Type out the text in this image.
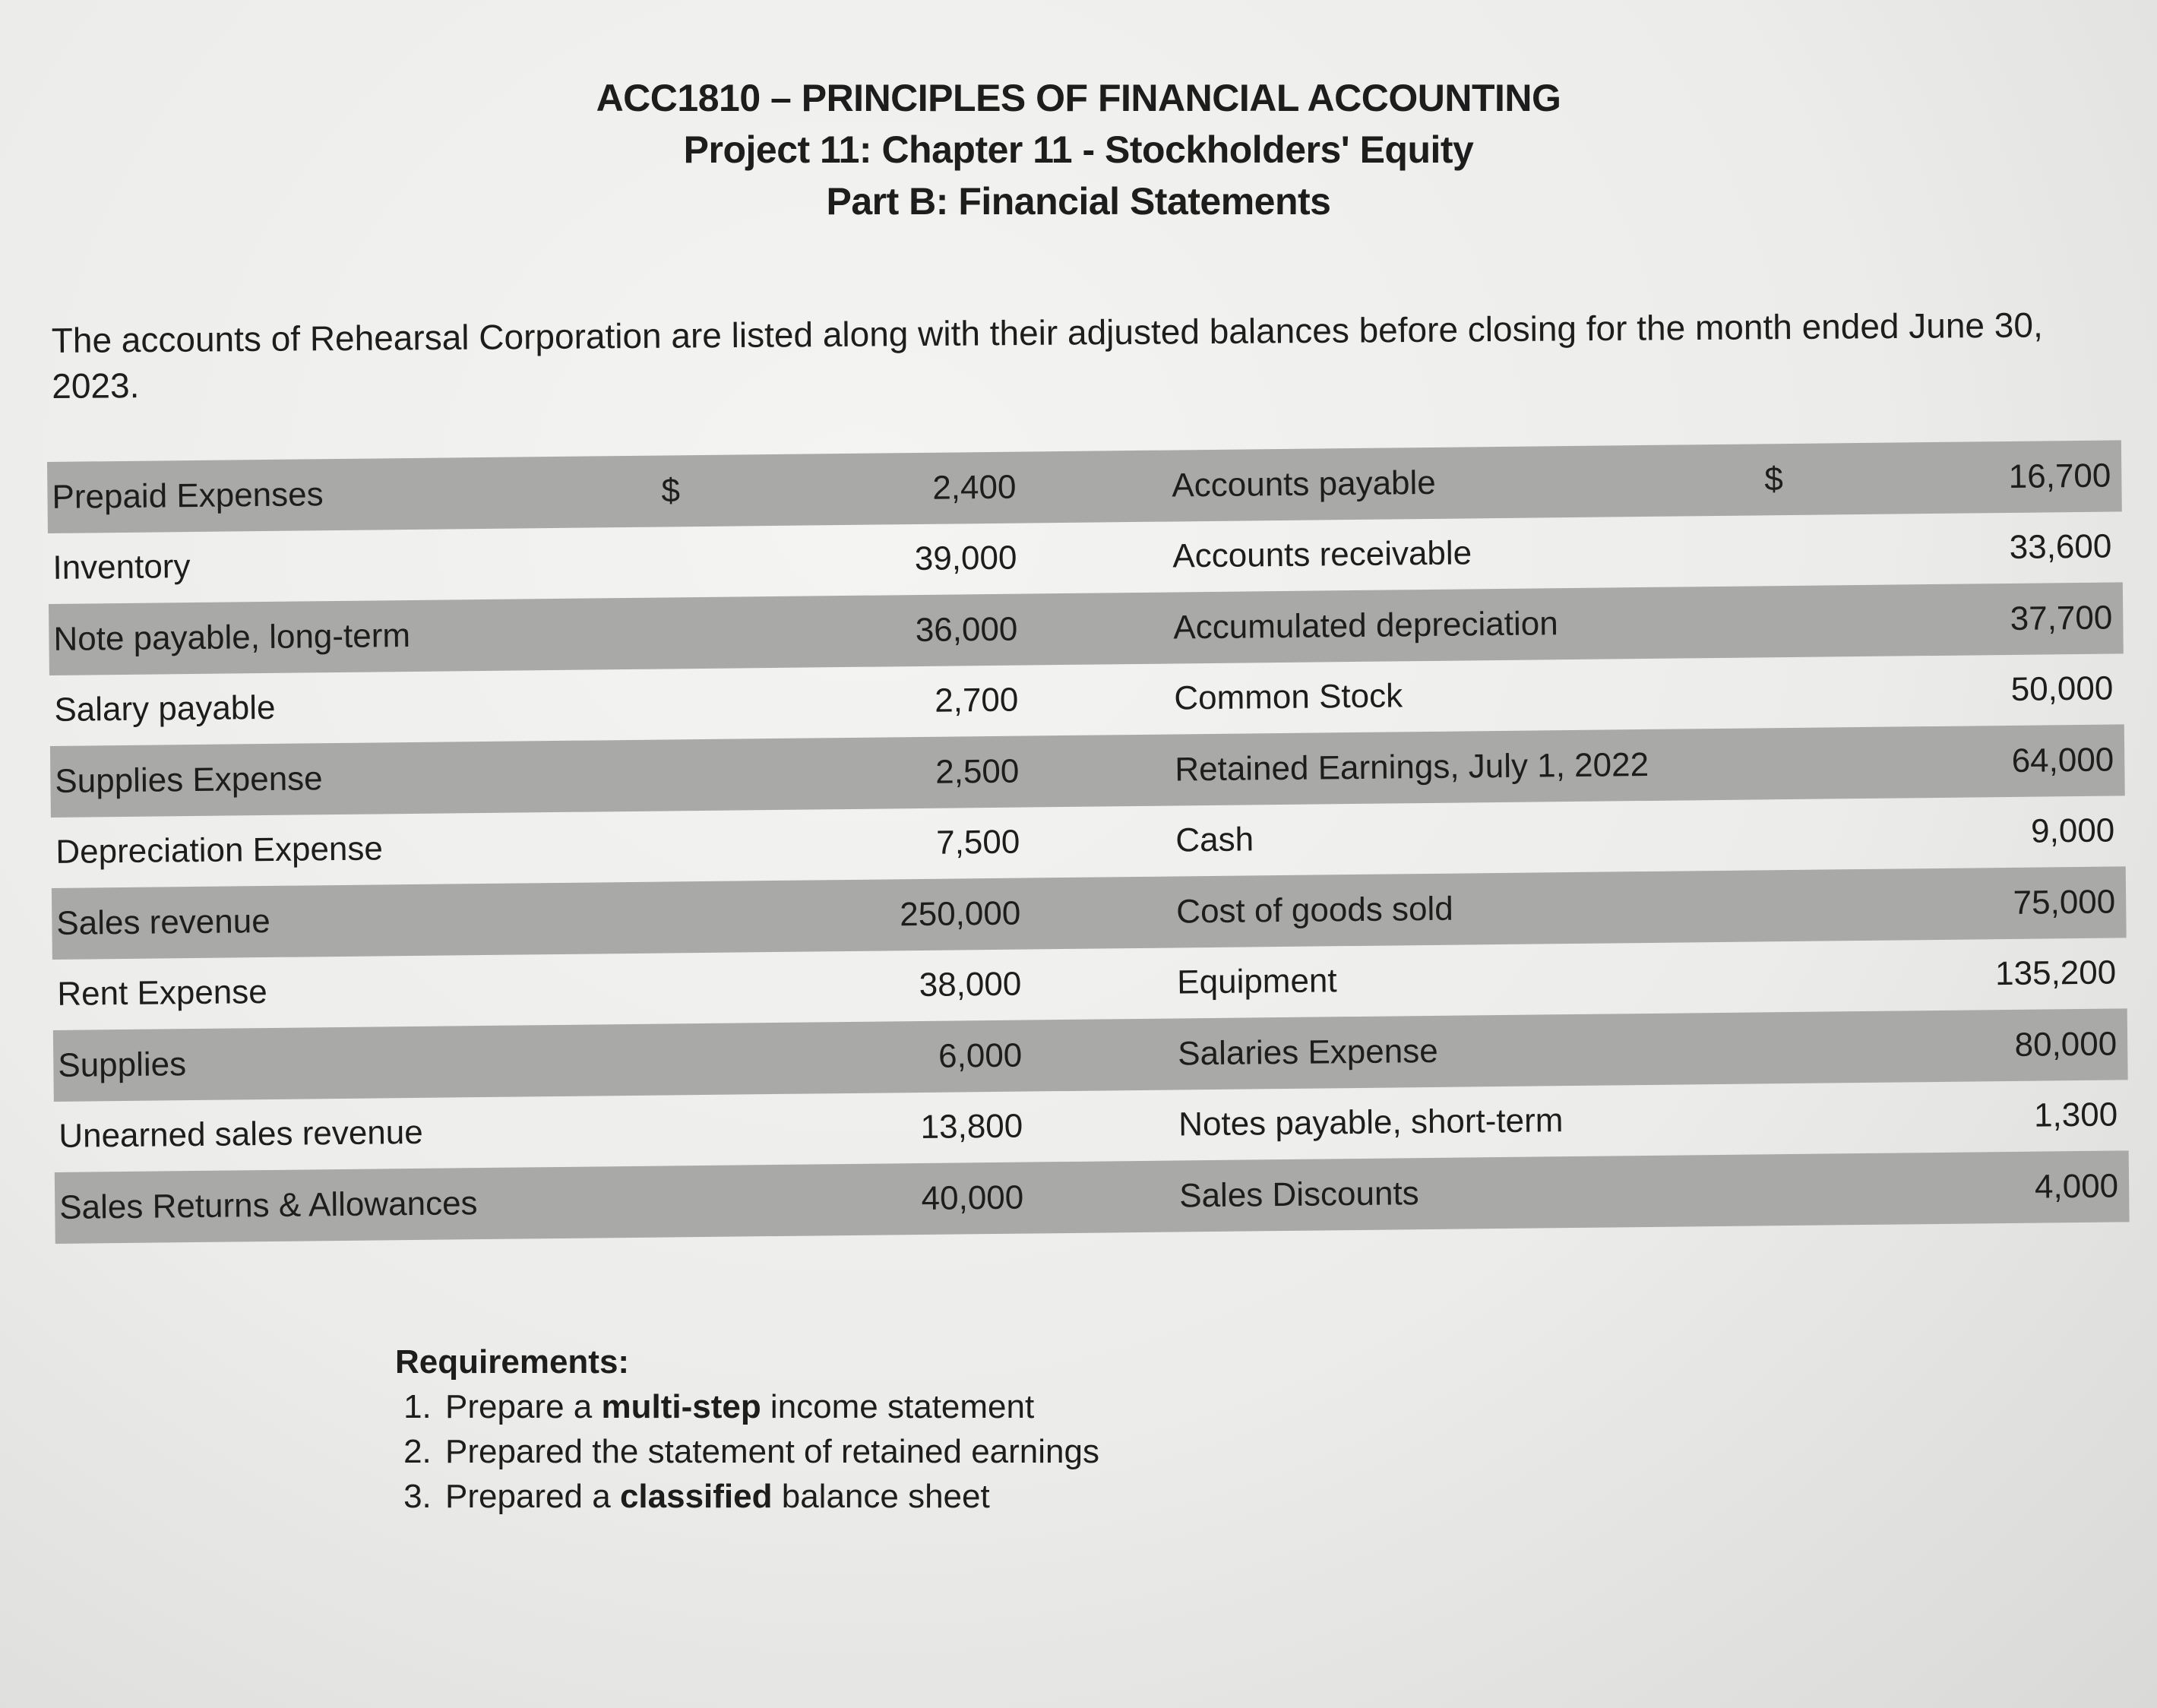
ACC1810 – PRINCIPLES OF FINANCIAL ACCOUNTING
Project 11: Chapter 11 - Stockholders' Equity
Part B: Financial Statements
The accounts of Rehearsal Corporation are listed along with their adjusted balances before closing for the month ended June 30, 2023.
Prepaid Expenses	$	2,400	Accounts payable	$	16,700
Inventory	39,000	Accounts receivable	33,600
Note payable, long-term	36,000	Accumulated depreciation	37,700
Salary payable	2,700	Common Stock	50,000
Supplies Expense	2,500	Retained Earnings, July 1, 2022	64,000
Depreciation Expense	7,500	Cash	9,000
Sales revenue	250,000	Cost of goods sold	75,000
Rent Expense	38,000	Equipment	135,200
Supplies	6,000	Salaries Expense	80,000
Unearned sales revenue	13,800	Notes payable, short-term	1,300
Sales Returns & Allowances	40,000	Sales Discounts	4,000
Requirements:
1. Prepare a multi-step income statement
2. Prepared the statement of retained earnings
3. Prepared a classified balance sheet
